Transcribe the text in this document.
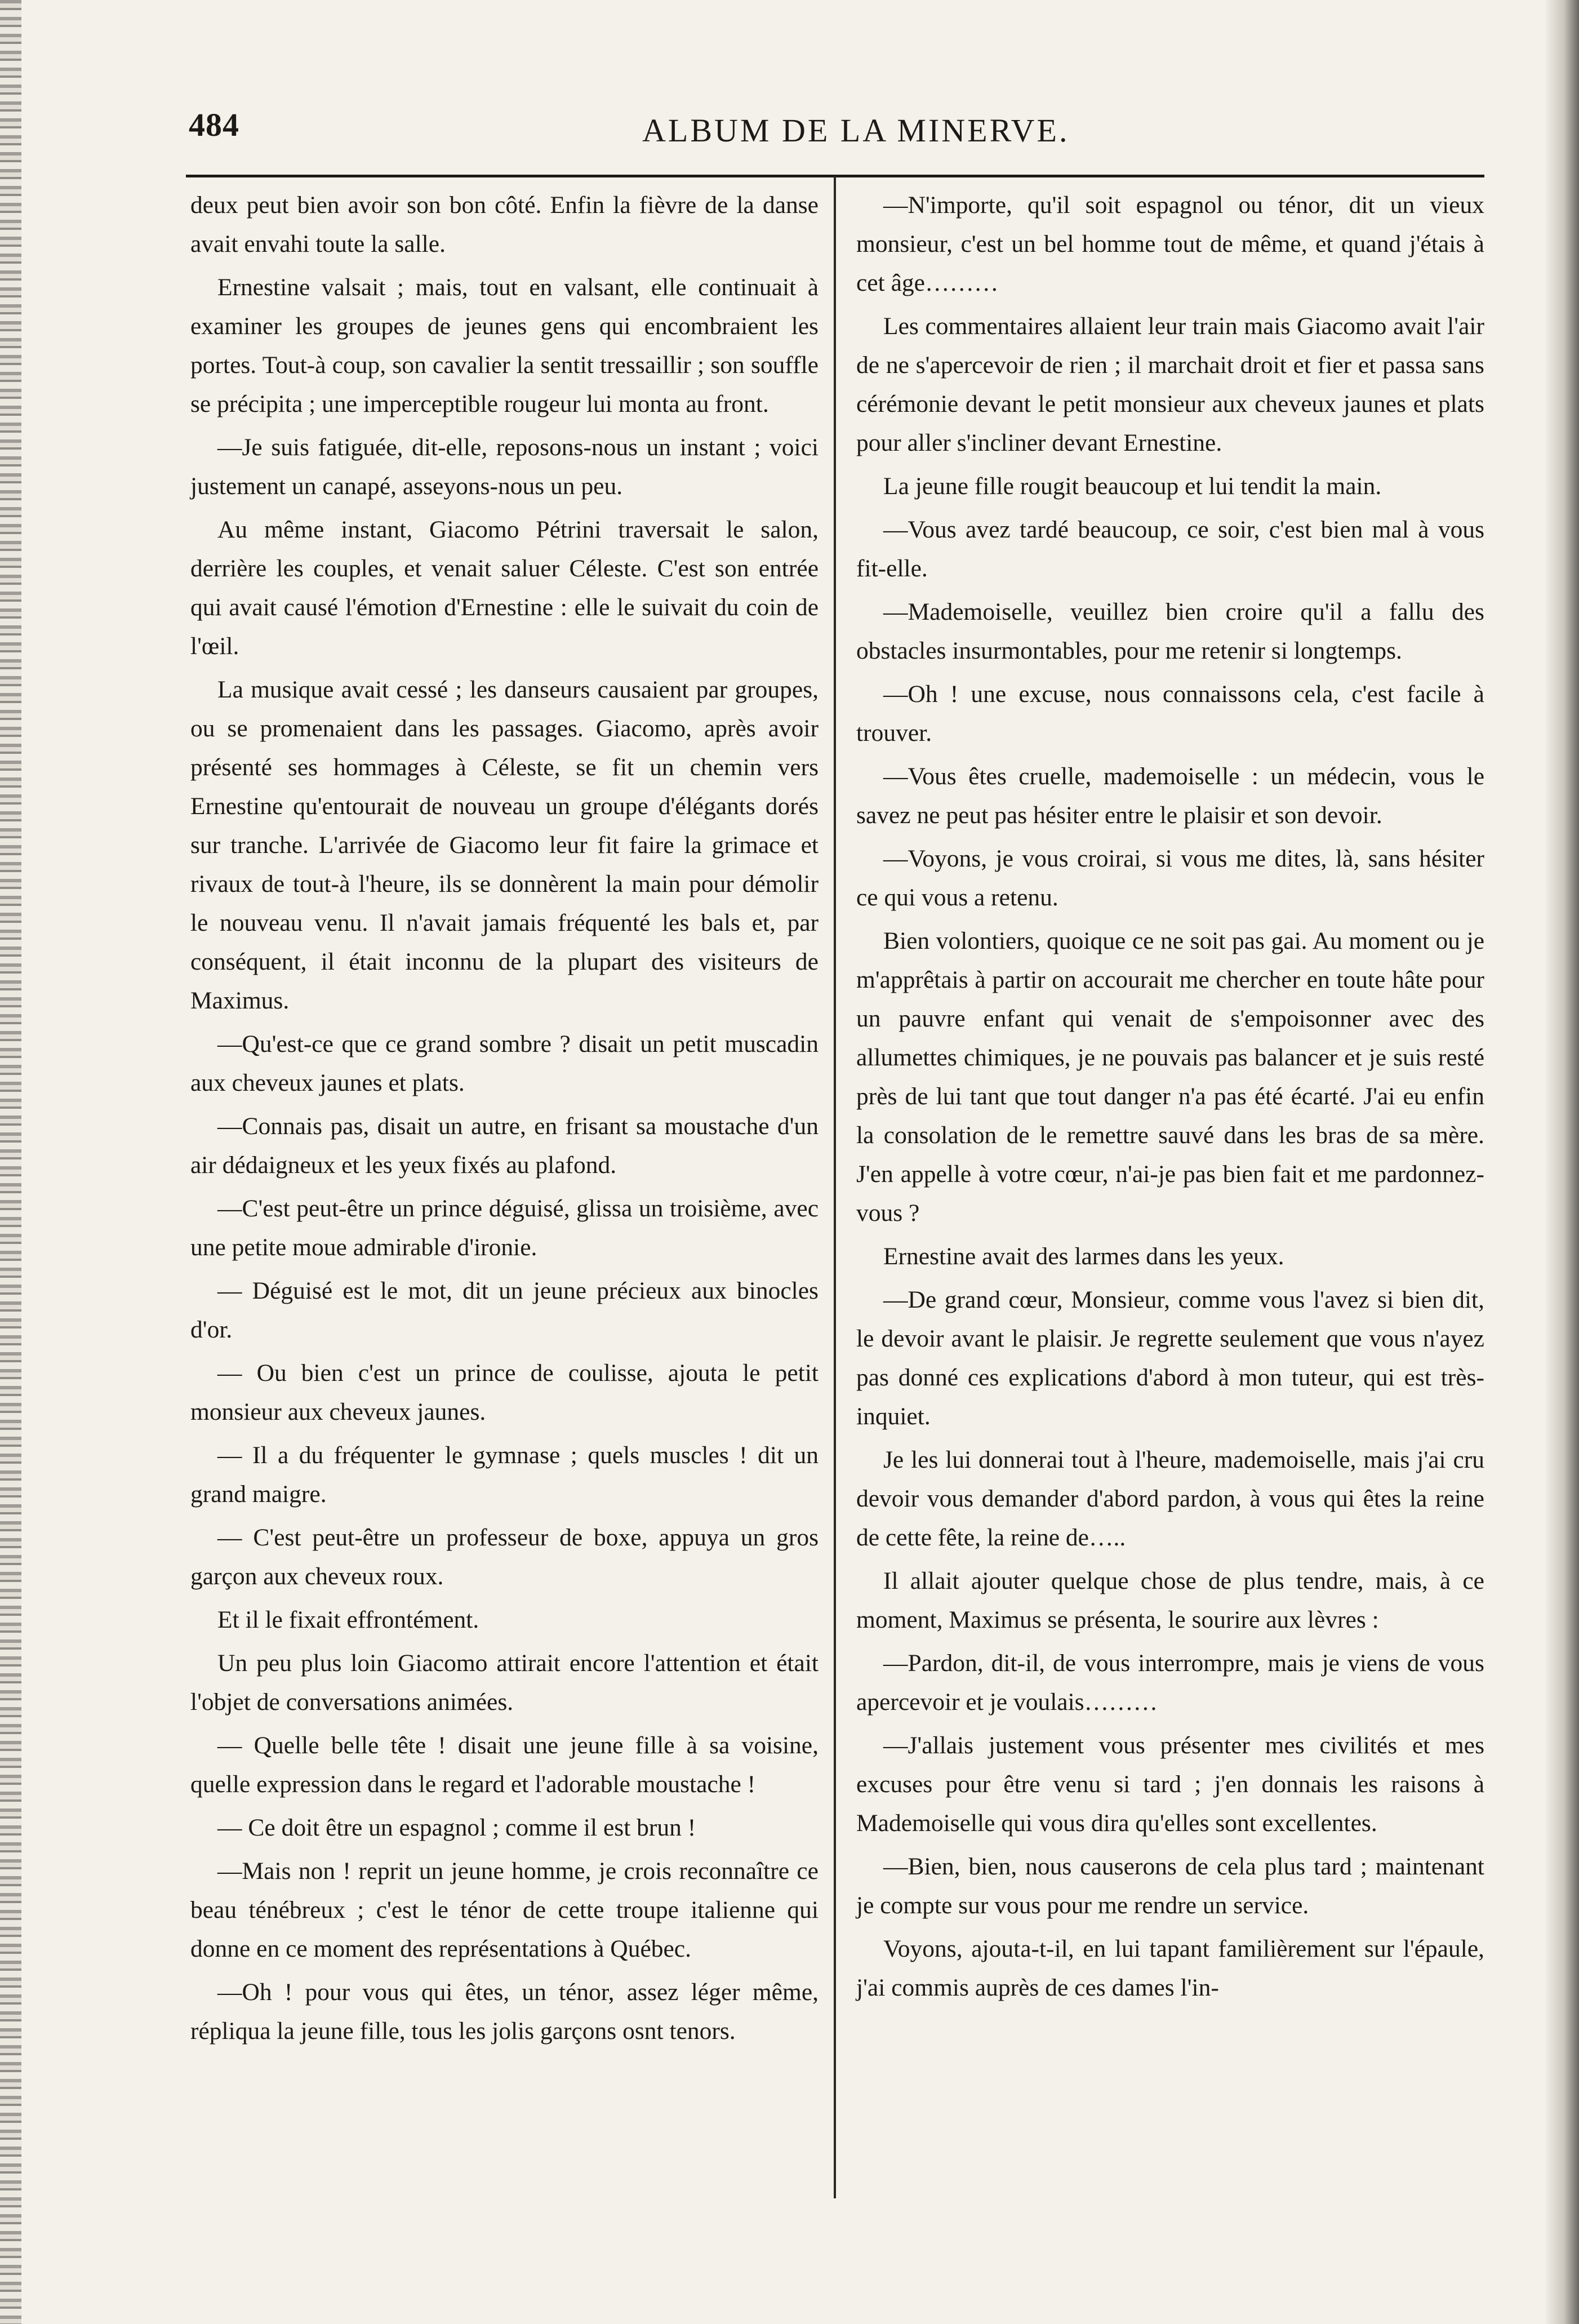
484	ALBUM DE LA MINERVE.

deux peut bien avoir son bon côté. Enfin la fièvre de la danse avait envahi toute la salle.

Ernestine valsait ; mais, tout en valsant, elle continuait à examiner les groupes de jeunes gens qui encombraient les portes. Tout-à coup, son cavalier la sentit tressaillir ; son souffle se précipita ; une imperceptible rougeur lui monta au front.

—Je suis fatiguée, dit-elle, reposons-nous un instant ; voici justement un canapé, asseyons-nous un peu.

Au même instant, Giacomo Pétrini traversait le salon, derrière les couples, et venait saluer Céleste. C'est son entrée qui avait causé l'émotion d'Ernestine : elle le suivait du coin de l'œil.

La musique avait cessé ; les danseurs causaient par groupes, ou se promenaient dans les passages. Giacomo, après avoir présenté ses hommages à Céleste, se fit un chemin vers Ernestine qu'entourait de nouveau un groupe d'élégants dorés sur tranche. L'arrivée de Giacomo leur fit faire la grimace et rivaux de tout-à l'heure, ils se donnèrent la main pour démolir le nouveau venu. Il n'avait jamais fréquenté les bals et, par conséquent, il était inconnu de la plupart des visiteurs de Maximus.

—Qu'est-ce que ce grand sombre ? disait un petit muscadin aux cheveux jaunes et plats.

—Connais pas, disait un autre, en frisant sa moustache d'un air dédaigneux et les yeux fixés au plafond.

—C'est peut-être un prince déguisé, glissa un troisième, avec une petite moue admirable d'ironie.

— Déguisé est le mot, dit un jeune précieux aux binocles d'or.

— Ou bien c'est un prince de coulisse, ajouta le petit monsieur aux cheveux jaunes.

— Il a du fréquenter le gymnase ; quels muscles ! dit un grand maigre.

— C'est peut-être un professeur de boxe, appuya un gros garçon aux cheveux roux.

Et il le fixait effrontément.

Un peu plus loin Giacomo attirait encore l'attention et était l'objet de conversations animées.

— Quelle belle tête ! disait une jeune fille à sa voisine, quelle expression dans le regard et l'adorable moustache !

— Ce doit être un espagnol ; comme il est brun !

—Mais non ! reprit un jeune homme, je crois reconnaître ce beau ténébreux ; c'est le ténor de cette troupe italienne qui donne en ce moment des représentations à Québec.

—Oh ! pour vous qui êtes, un ténor, assez léger même, répliqua la jeune fille, tous les jolis garçons osnt tenors.

—N'importe, qu'il soit espagnol ou ténor, dit un vieux monsieur, c'est un bel homme tout de même, et quand j'étais à cet âge………

Les commentaires allaient leur train mais Giacomo avait l'air de ne s'apercevoir de rien ; il marchait droit et fier et passa sans cérémonie devant le petit monsieur aux cheveux jaunes et plats pour aller s'incliner devant Ernestine.

La jeune fille rougit beaucoup et lui tendit la main.

—Vous avez tardé beaucoup, ce soir, c'est bien mal à vous fit-elle.

—Mademoiselle, veuillez bien croire qu'il a fallu des obstacles insurmontables, pour me retenir si longtemps.

—Oh ! une excuse, nous connaissons cela, c'est facile à trouver.

—Vous êtes cruelle, mademoiselle : un médecin, vous le savez ne peut pas hésiter entre le plaisir et son devoir.

—Voyons, je vous croirai, si vous me dites, là, sans hésiter ce qui vous a retenu.

Bien volontiers, quoique ce ne soit pas gai. Au moment ou je m'apprêtais à partir on accourait me chercher en toute hâte pour un pauvre enfant qui venait de s'empoisonner avec des allumettes chimiques, je ne pouvais pas balancer et je suis resté près de lui tant que tout danger n'a pas été écarté. J'ai eu enfin la consolation de le remettre sauvé dans les bras de sa mère. J'en appelle à votre cœur, n'ai-je pas bien fait et me pardonnez-vous ?

Ernestine avait des larmes dans les yeux.

—De grand cœur, Monsieur, comme vous l'avez si bien dit, le devoir avant le plaisir. Je regrette seulement que vous n'ayez pas donné ces explications d'abord à mon tuteur, qui est très-inquiet.

Je les lui donnerai tout à l'heure, mademoiselle, mais j'ai cru devoir vous demander d'abord pardon, à vous qui êtes la reine de cette fête, la reine de…..

Il allait ajouter quelque chose de plus tendre, mais, à ce moment, Maximus se présenta, le sourire aux lèvres :

—Pardon, dit-il, de vous interrompre, mais je viens de vous apercevoir et je voulais………

—J'allais justement vous présenter mes civilités et mes excuses pour être venu si tard ; j'en donnais les raisons à Mademoiselle qui vous dira qu'elles sont excellentes.

—Bien, bien, nous causerons de cela plus tard ; maintenant je compte sur vous pour me rendre un service.

Voyons, ajouta-t-il, en lui tapant familièrement sur l'épaule, j'ai commis auprès de ces dames l'in-
